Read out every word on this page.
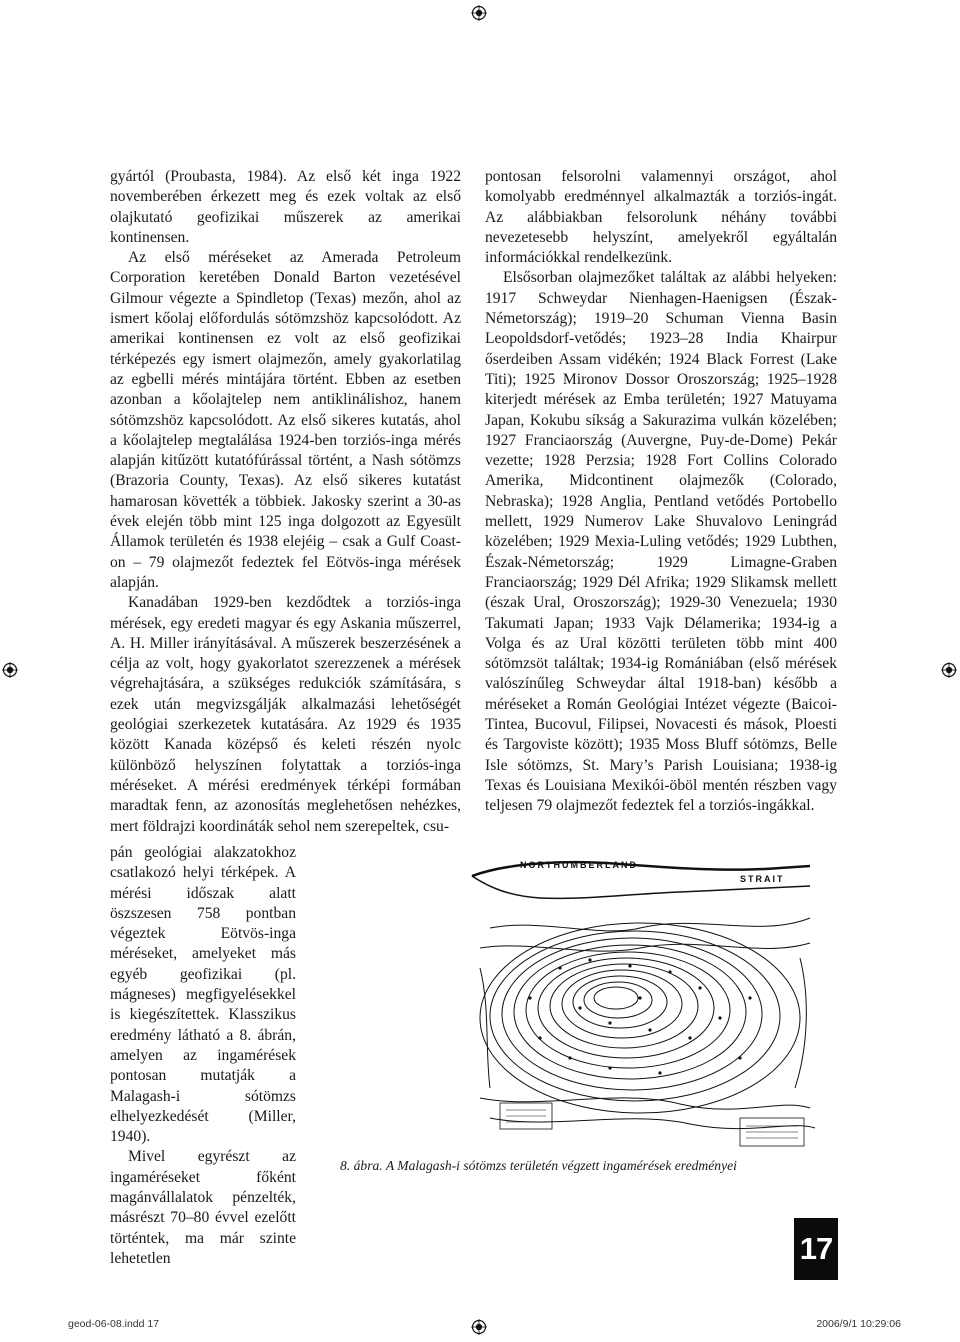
gyártól (Proubasta, 1984). Az első két inga 1922 novemberében érkezett meg és ezek voltak az első olajkutató geofizikai műszerek az amerikai kontinensen.

Az első méréseket az Amerada Petroleum Corporation keretében Donald Barton vezetésével Gilmour végezte a Spindletop (Texas) mezőn, ahol az ismert kőolaj előfordulás sótömzshöz kapcsolódott. Az amerikai kontinensen ez volt az első geofizikai térképezés egy ismert olajmezőn, amely gyakorlatilag az egbelli mérés mintájára történt. Ebben az esetben azonban a kőolajtelep nem antiklinálishoz, hanem sótömzshöz kapcsolódott. Az első sikeres kutatás, ahol a kőolajtelep megtalálása 1924-ben torziós-inga mérés alapján kitűzött kutatófúrással történt, a Nash sótömzs (Brazoria County, Texas). Az első sikeres kutatást hamarosan követték a többiek. Jakosky szerint a 30-as évek elején több mint 125 inga dolgozott az Egyesült Államok területén és 1938 elejéig – csak a Gulf Coast-on – 79 olajmezőt fedeztek fel Eötvös-inga mérések alapján.

Kanadában 1929-ben kezdődtek a torziós-inga mérések, egy eredeti magyar és egy Askania műszerrel, A. H. Miller irányításával. A műszerek beszerzésének a célja az volt, hogy gyakorlatot szerezzenek a mérések végrehajtására, a szükséges redukciók számítására, s ezek után megvizsgálják alkalmazási lehetőségét geológiai szerkezetek kutatására. Az 1929 és 1935 között Kanada középső és keleti részén nyolc különböző helyszínen folytattak a torziós-inga méréseket. A mérési eredmények térképi formában maradtak fenn, az azonosítás meglehetősen nehézkes, mert földrajzi koordináták sehol nem szerepeltek, csu-

pán geológiai alakzatokhoz csatlakozó helyi térképek. A mérési időszak alatt öszszesen 758 pontban végeztek Eötvös-inga méréseket, amelyeket más egyéb geofizikai (pl. mágneses) megfigyelésekkel is kiegészítettek. Klasszikus eredmény látható a 8. ábrán, amelyen az ingamérések pontosan mutatják a Malagash-i sótömzs elhelyezkedését (Miller, 1940).

Mivel egyrészt az ingaméréseket főként magánvállalatok pénzelték, másrészt 70–80 évvel ezelőtt történtek, ma már szinte lehetetlen

pontosan felsorolni valamennyi országot, ahol komolyabb eredménnyel alkalmazták a torziós-ingát. Az alábbiakban felsorolunk néhány további nevezetesebb helyszínt, amelyekről egyáltalán információkkal rendelkezünk.

Elsősorban olajmezőket találtak az alábbi helyeken: 1917 Schweydar Nienhagen-Haenigsen (Észak-Németország); 1919–20 Schuman Vienna Basin Leopoldsdorf-vetődés; 1923–28 India Khairpur őserdeiben Assam vidékén; 1924 Black Forrest (Lake Titi); 1925 Mironov Dossor Oroszország; 1925–1928 kiterjedt mérések az Emba területén; 1927 Matuyama Japan, Kokubu síkság a Sakurazima vulkán közelében; 1927 Franciaország (Auvergne, Puy-de-Dome) Pekár vezette; 1928 Perzsia; 1928 Fort Collins Colorado Amerika, Midcontinent olajmezők (Colorado, Nebraska); 1928 Anglia, Pentland vetődés Portobello mellett, 1929 Numerov Lake Shuvalovo Leningrád közelében; 1929 Mexia-Luling vetődés; 1929 Lubthen, Észak-Németország; 1929 Limagne-Graben Franciaország; 1929 Dél Afrika; 1929 Slikamsk mellett (észak Ural, Oroszország); 1929-30 Venezuela; 1930 Takumati Japan; 1933 Vajk Délamerika; 1934-ig a Volga és az Ural közötti területen több mint 400 sótömzsöt találtak; 1934-ig Romániában (első mérések valószínűleg Schweydar által 1918-ban) később a méréseket a Román Geológiai Intézet végezte (Baicoi-Tintea, Bucovul, Filipsei, Novacesti és mások, Ploesti és Targoviste között); 1935 Moss Bluff sótömzs, Belle Isle sótömzs, St. Mary’s Parish Louisiana; 1938-ig Texas és Louisiana Mexikói-öböl mentén részben vagy teljesen 79 olajmezőt fedeztek fel a torziós-ingákkal.

NORTHUMBERLAND
STRAIT
8. ábra. A Malagash-i sótömzs területén végzett ingamérések eredményei
17
geod-06-08.indd 17	2006/9/1 10:29:06
